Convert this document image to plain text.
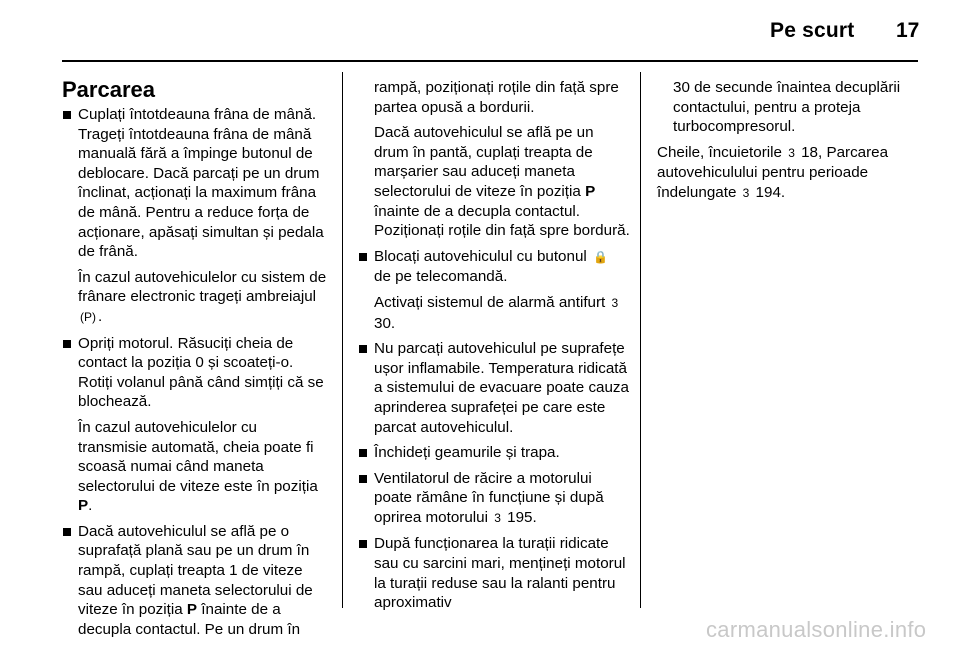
Pe scurt 17
Parcarea

Cuplați întotdeauna frâna de mână. Trageți întotdeauna frâna de mână manuală fără a împinge butonul de deblocare. Dacă parcați pe un drum înclinat, acționați la maximum frâna de mână. Pentru a reduce forța de acționare, apăsați simultan și pedala de frână.

În cazul autovehiculelor cu sistem de frânare electronic trageți ambreiajul (P) .

Opriți motorul. Răsuciți cheia de contact la poziția 0 și scoateți-o. Rotiți volanul până când simțiți că se blochează.

În cazul autovehiculelor cu transmisie automată, cheia poate fi scoasă numai când maneta selectorului de viteze este în poziția P.

Dacă autovehiculul se află pe o suprafață plană sau pe un drum în rampă, cuplați treapta 1 de viteze sau aduceți maneta selectorului de viteze în poziția P înainte de a decupla contactul. Pe un drum în

rampă, poziționați roțile din față spre partea opusă a bordurii.

Dacă autovehiculul se află pe un drum în pantă, cuplați treapta de marșarier sau aduceți maneta selectorului de viteze în poziția P înainte de a decupla contactul. Poziționați roțile din față spre bordură.

Blocați autovehiculul cu butonul 🔒 de pe telecomandă.

Activați sistemul de alarmă antifurt 3 30.

Nu parcați autovehiculul pe suprafețe ușor inflamabile. Temperatura ridicată a sistemului de evacuare poate cauza aprinderea suprafeței pe care este parcat autovehiculul.

Închideți geamurile și trapa.

Ventilatorul de răcire a motorului poate rămâne în funcțiune și după oprirea motorului 3 195.

După funcționarea la turații ridicate sau cu sarcini mari, mențineți motorul la turații reduse sau la ralanti pentru aproximativ

30 de secunde înaintea decuplării contactului, pentru a proteja turbocompresorul.

Cheile, încuietorile 3 18, Parcarea autovehiculului pentru perioade îndelungate 3 194.

carmanualsonline.info
